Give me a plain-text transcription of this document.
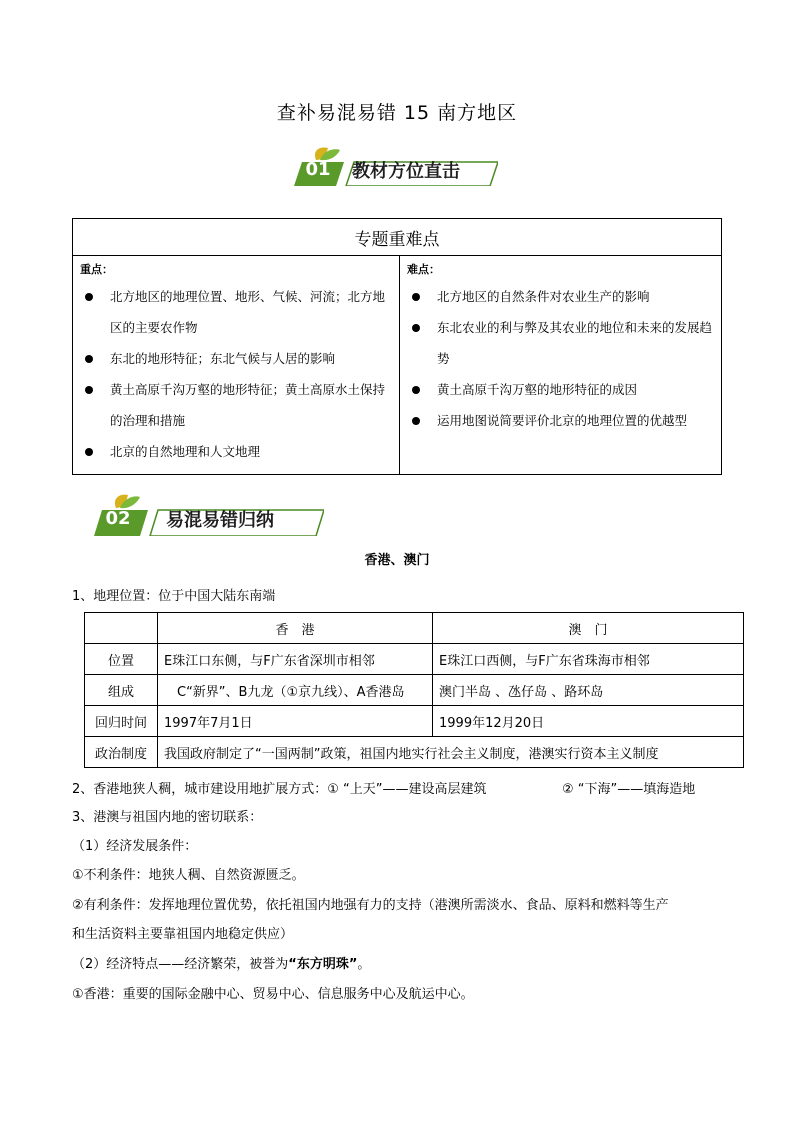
查补易混易错 15 南方地区
01	教材方位直击
专题重难点

重点：
北方地区的地理位置、地形、气候、河流；北方地区的主要农作物
东北的地形特征；东北气候与人居的影响
黄土高原千沟万壑的地形特征；黄土高原水土保持的治理和措施
北京的自然地理和人文地理

难点：
北方地区的自然条件对农业生产的影响
东北农业的利与弊及其农业的地位和未来的发展趋势
黄土高原千沟万壑的地形特征的成因
运用地图说简要评价北京的地理位置的优越型
02	易混易错归纳
香港、澳门
1、地理位置：位于中国大陆东南端
	香　港	澳　门
位置	E珠江口东侧，与F广东省深圳市相邻	E珠江口西侧，与F广东省珠海市相邻
组成	　C“新界”、B九龙（①京九线）、A香港岛	澳门半岛 、氹仔岛 、路环岛
回归时间	1997年7月1日	1999年12月20日
政治制度	我国政府制定了“一国两制”政策，祖国内地实行社会主义制度，港澳实行资本主义制度	
2、香港地狭人稠，城市建设用地扩展方式：① “上天”——建设高层建筑	② “下海”——填海造地
3、港澳与祖国内地的密切联系：
（1）经济发展条件：
①不利条件：地狭人稠、自然资源匮乏。
②有利条件：发挥地理位置优势，依托祖国内地强有力的支持（港澳所需淡水、食品、原料和燃料等生产
和生活资料主要靠祖国内地稳定供应）
（2）经济特点——经济繁荣，被誉为“东方明珠”。
①香港：重要的国际金融中心、贸易中心、信息服务中心及航运中心。
